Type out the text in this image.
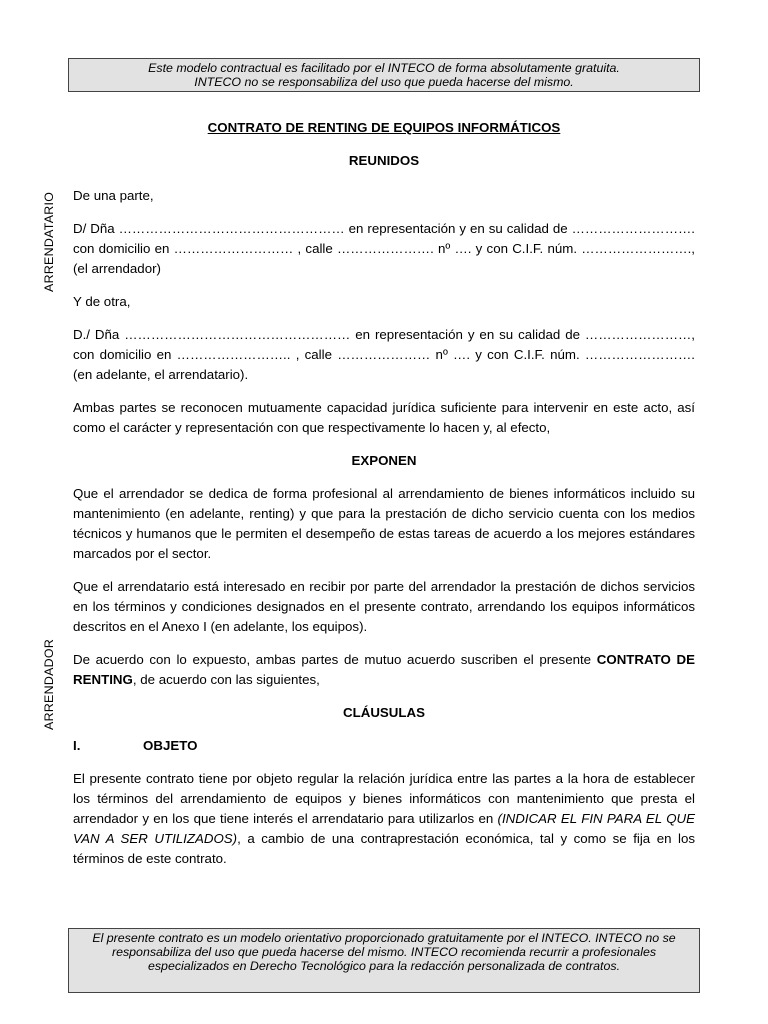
Este modelo contractual es facilitado por el INTECO de forma absolutamente gratuita.
INTECO no se responsabiliza del uso que pueda hacerse del mismo.
ARRENDATARIO
ARRENDADOR

CONTRATO DE RENTING DE EQUIPOS INFORMÁTICOS

REUNIDOS

De una parte,

D/ Dña …………………………………………… en representación y en su calidad de ………………………. con domicilio en ……………………… , calle …………………. nº …. y con C.I.F. núm. ……………………., (el arrendador)

Y de otra,

D./ Dña …………………………………………… en representación y en su calidad de ……………………, con domicilio en …………………….. , calle ………………… nº …. y con C.I.F. núm. ……………………. (en adelante, el arrendatario).

Ambas partes se reconocen mutuamente capacidad jurídica suficiente para intervenir en este acto, así como el carácter y representación con que respectivamente lo hacen y, al efecto,

EXPONEN

Que el arrendador se dedica de forma profesional al arrendamiento de bienes informáticos incluido su mantenimiento (en adelante, renting) y que para la prestación de dicho servicio cuenta con los medios técnicos y humanos que le permiten el desempeño de estas tareas de acuerdo a los mejores estándares marcados por el sector.

Que el arrendatario está interesado en recibir por parte del arrendador la prestación de dichos servicios en los términos y condiciones designados en el presente contrato, arrendando los equipos informáticos descritos en el Anexo I (en adelante, los equipos).

De acuerdo con lo expuesto, ambas partes de mutuo acuerdo suscriben el presente CONTRATO DE RENTING, de acuerdo con las siguientes,

CLÁUSULAS

I.	OBJETO

El presente contrato tiene por objeto regular la relación jurídica entre las partes a la hora de establecer los términos del arrendamiento de equipos y bienes informáticos con mantenimiento que presta el arrendador y en los que tiene interés el arrendatario para utilizarlos en (INDICAR EL FIN PARA EL QUE VAN A SER UTILIZADOS), a cambio de una contraprestación económica, tal y como se fija en los términos de este contrato.

El presente contrato es un modelo orientativo proporcionado gratuitamente por el INTECO. INTECO no se responsabiliza del uso que pueda hacerse del mismo. INTECO recomienda recurrir a profesionales especializados en Derecho Tecnológico para la redacción personalizada de contratos.
